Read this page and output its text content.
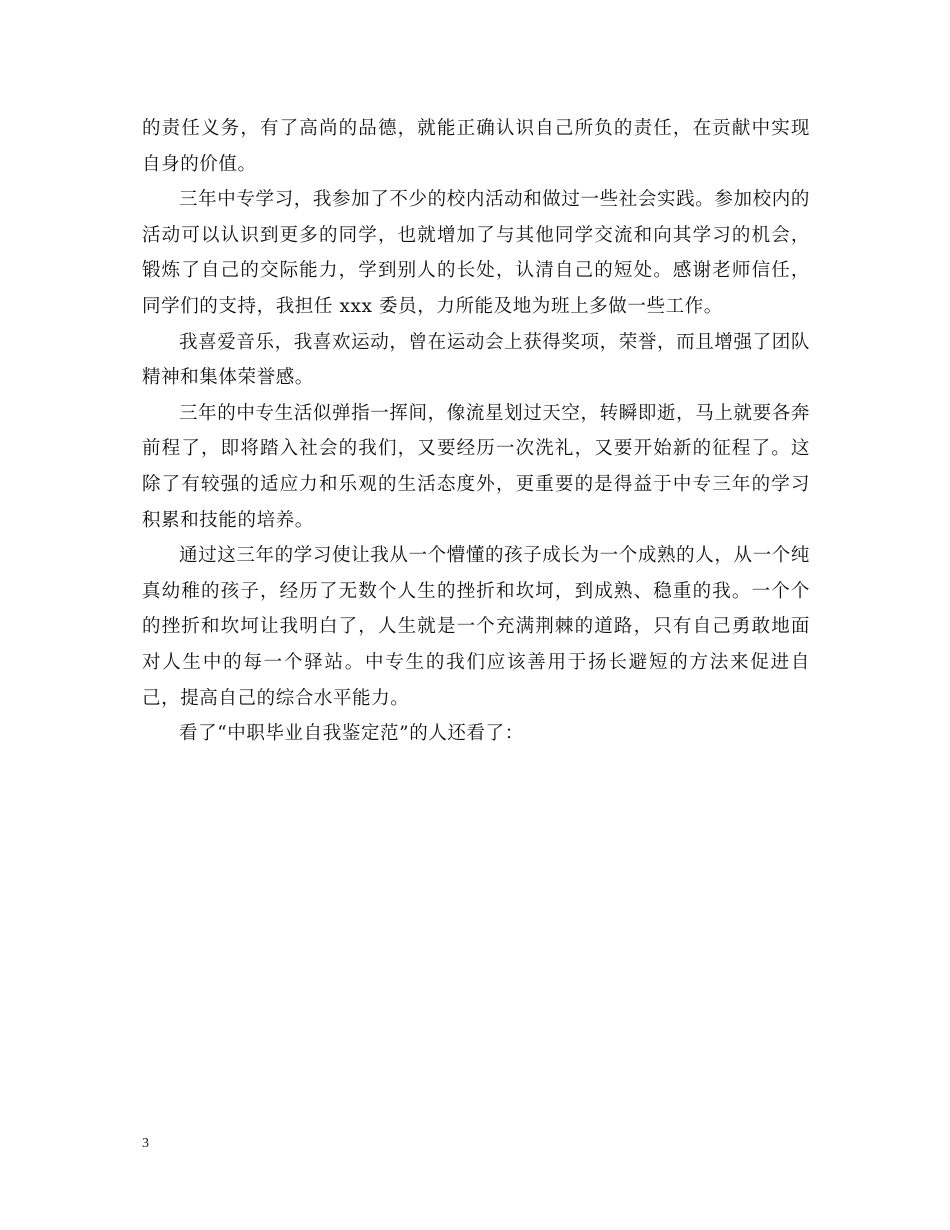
的责任义务，有了高尚的品德，就能正确认识自己所负的责任，在贡献中实现自身的价值。

三年中专学习，我参加了不少的校内活动和做过一些社会实践。参加校内的活动可以认识到更多的同学，也就增加了与其他同学交流和向其学习的机会，锻炼了自己的交际能力，学到别人的长处，认清自己的短处。感谢老师信任，同学们的支持，我担任 xxx 委员，力所能及地为班上多做一些工作。

我喜爱音乐，我喜欢运动，曾在运动会上获得奖项，荣誉，而且增强了团队精神和集体荣誉感。

三年的中专生活似弹指一挥间，像流星划过天空，转瞬即逝，马上就要各奔前程了，即将踏入社会的我们，又要经历一次洗礼，又要开始新的征程了。这除了有较强的适应力和乐观的生活态度外，更重要的是得益于中专三年的学习积累和技能的培养。

通过这三年的学习使让我从一个懵懂的孩子成长为一个成熟的人，从一个纯真幼稚的孩子，经历了无数个人生的挫折和坎坷，到成熟、稳重的我。一个个的挫折和坎坷让我明白了，人生就是一个充满荆棘的道路，只有自己勇敢地面对人生中的每一个驿站。中专生的我们应该善用于扬长避短的方法来促进自己，提高自己的综合水平能力。

看了“中职毕业自我鉴定范”的人还看了：

3
